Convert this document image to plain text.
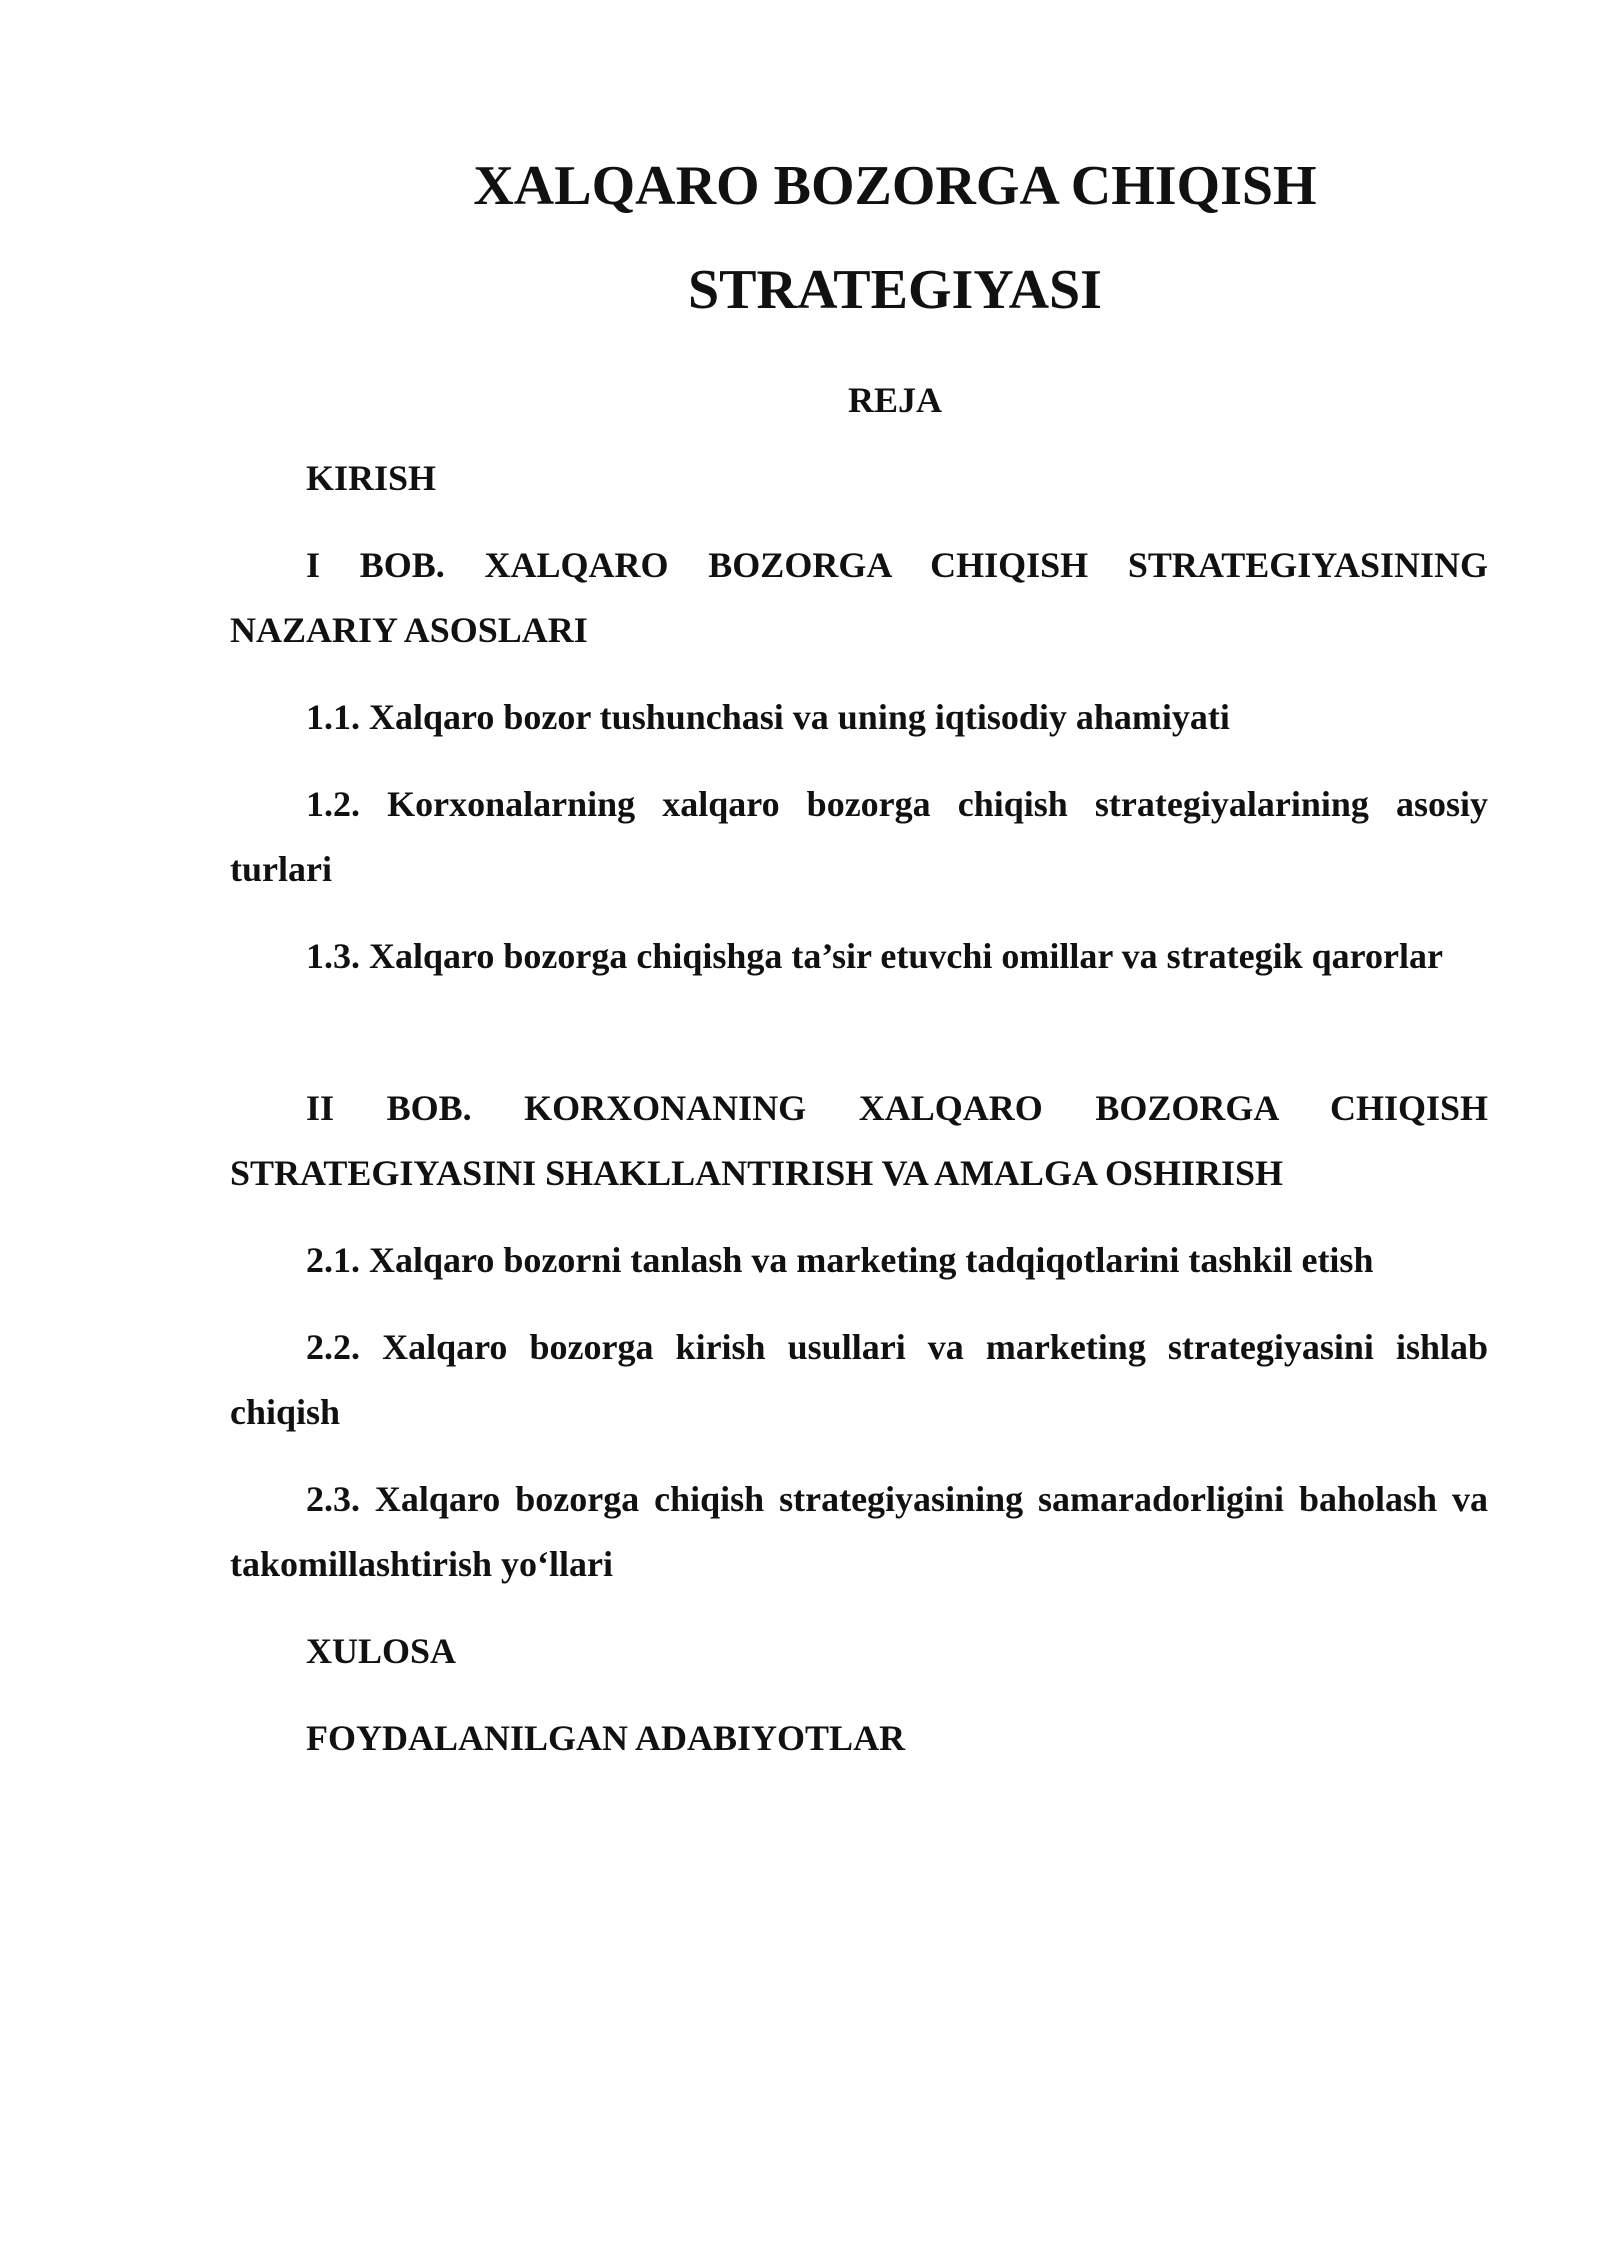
XALQARO BOZORGA CHIQISH
STRATEGIYASI
REJA
KIRISH
I BOB. XALQARO BOZORGA CHIQISH STRATEGIYASINING NAZARIY ASOSLARI
1.1. Xalqaro bozor tushunchasi va uning iqtisodiy ahamiyati
1.2. Korxonalarning xalqaro bozorga chiqish strategiyalarining asosiy turlari
1.3. Xalqaro bozorga chiqishga ta’sir etuvchi omillar va strategik qarorlar
II BOB. KORXONANING XALQARO BOZORGA CHIQISH STRATEGIYASINI SHAKLLANTIRISH VA AMALGA OSHIRISH
2.1. Xalqaro bozorni tanlash va marketing tadqiqotlarini tashkil etish
2.2. Xalqaro bozorga kirish usullari va marketing strategiyasini ishlab chiqish
2.3. Xalqaro bozorga chiqish strategiyasining samaradorligini baholash va takomillashtirish yo‘llari
XULOSA
FOYDALANILGAN ADABIYOTLAR
